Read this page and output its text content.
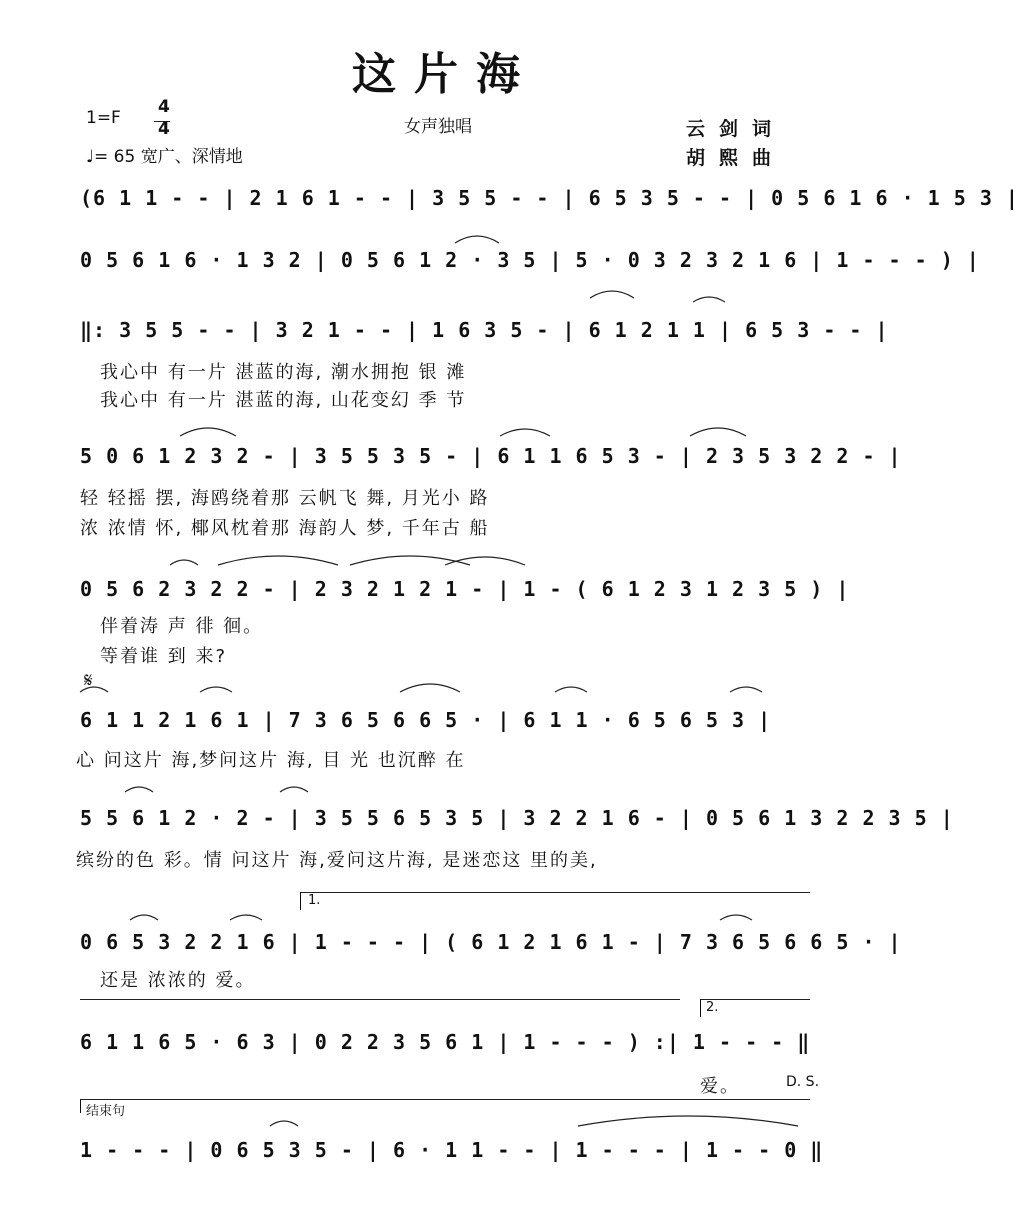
这片海
1=F
4
4
♩= 65 宽广、深情地
女声独唱	云剑词
胡熙曲
(6 1 1 - - | 2 1 6 1 - - | 3 5 5 - - | 6 5 3 5 - - | 0 5 6 1 6 · 1 5 3 |
0 5 6 1 6 · 1 3 2 | 0 5 6 1 2 · 3 5 | 5 · 0 3 2 3 2 1 6 | 1 - - - ) |
‖: 3 5 5 - - | 3 2 1 - - | 1 6 3 5 - | 6 1 2 1 1 | 6 5 3 - - |
我心中 有一片 湛蓝的海, 潮水拥抱 银 滩
我心中 有一片 湛蓝的海, 山花变幻 季 节
5 0 6 1 2 3 2 - | 3 5 5 3 5 - | 6 1 1 6 5 3 - | 2 3 5 3 2 2 - |
轻 轻摇 摆, 海鸥绕着那 云帆飞 舞, 月光小 路
浓 浓情 怀, 椰风枕着那 海韵人 梦, 千年古 船
0 5 6 2 3 2 2 - | 2 3 2 1 2 1 - | 1 - ( 6 1 2 3 1 2 3 5 ) |
伴着涛 声 徘 徊。
等着谁 到 来?
𝄋
6 1 1 2 1 6 1 | 7 3 6 5 6 6 5 · | 6 1 1 · 6 5 6 5 3 |
心 问这片 海,梦问这片 海, 目 光 也沉醉 在
5 5 6 1 2 · 2 - | 3 5 5 6 5 3 5 | 3 2 2 1 6 - | 0 5 6 1 3 2 2 3 5 |
缤纷的色 彩。情 问这片 海,爱问这片海, 是迷恋这 里的美,
1.
0 6 5 3 2 2 1 6 | 1 - - - | ( 6 1 2 1 6 1 - | 7 3 6 5 6 6 5 · |
还是 浓浓的 爱。
2.
6 1 1 6 5 · 6 3 | 0 2 2 3 5 6 1 | 1 - - - ) :| 1 - - - ‖
爱。	D. S.
结束句
1 - - - | 0 6 5 3 5 - | 6 · 1 1 - - | 1 - - - | 1 - - 0 ‖
